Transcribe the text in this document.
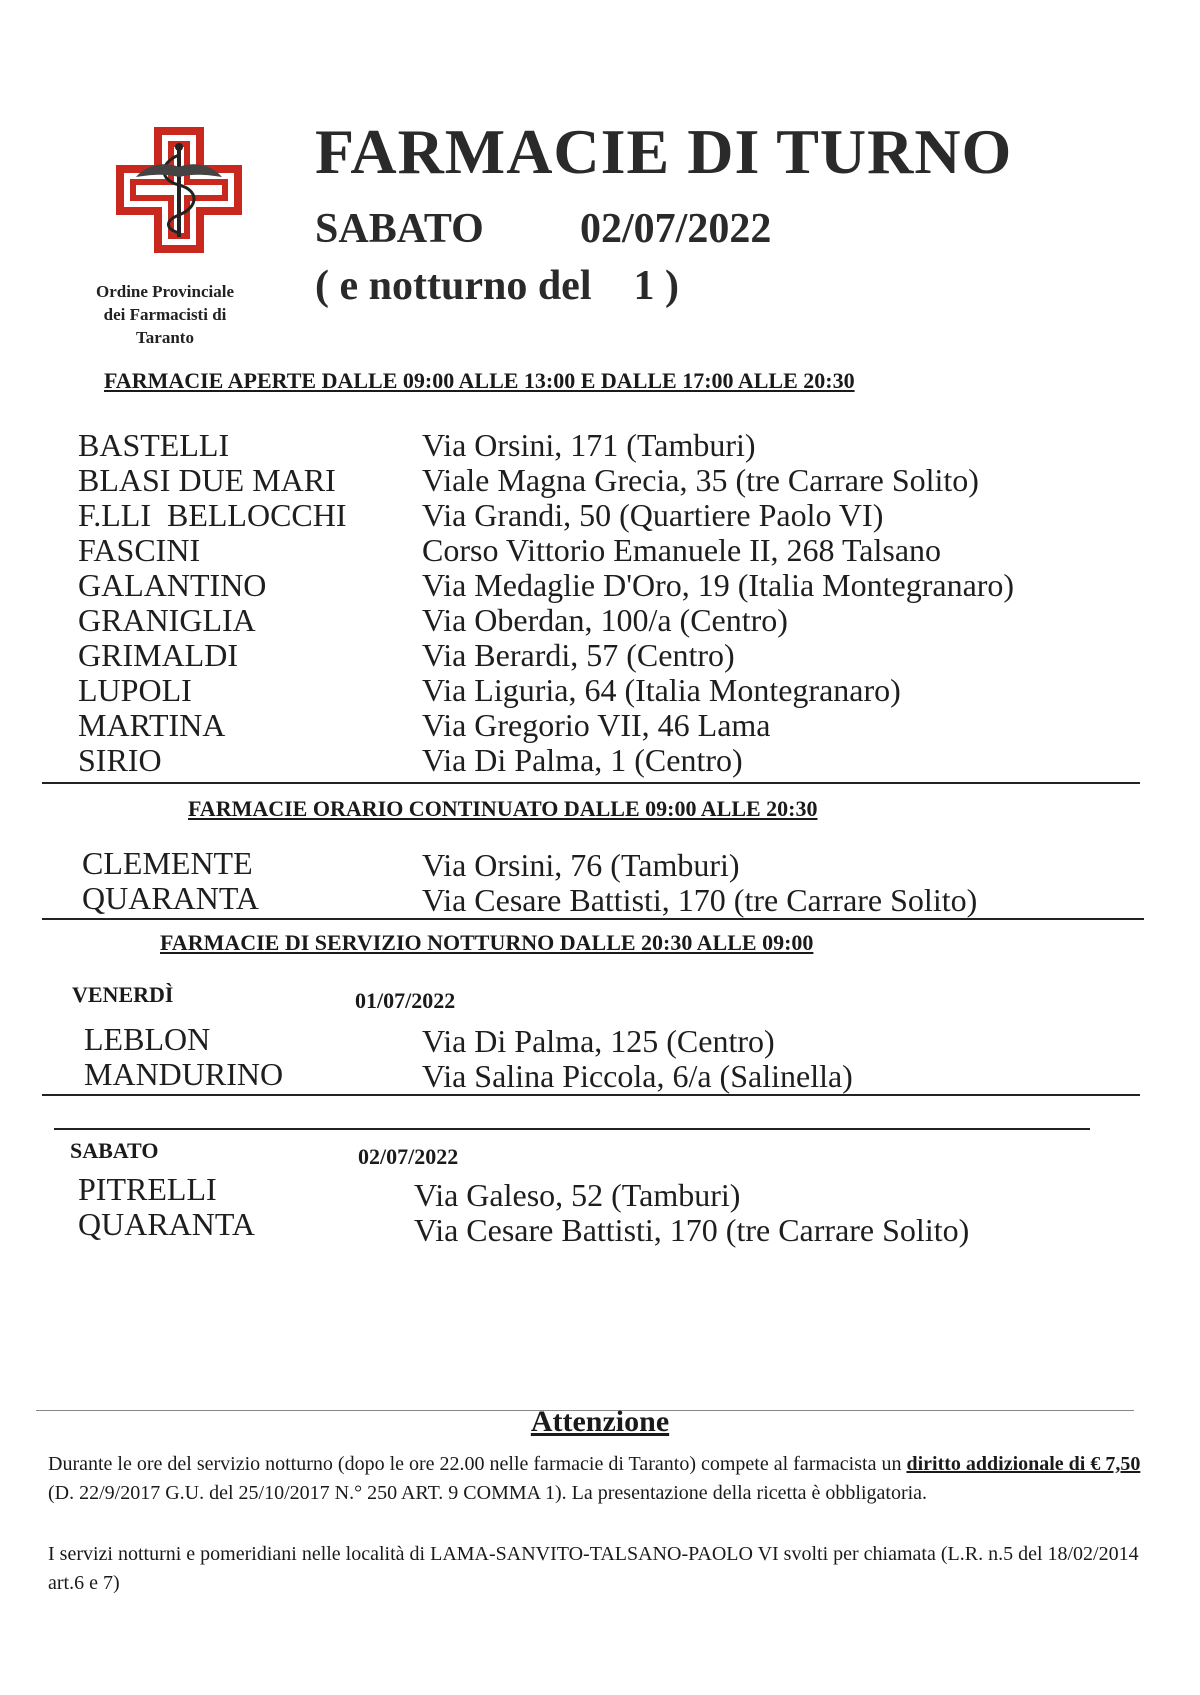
Ordine Provinciale
dei Farmacisti di
Taranto
FARMACIE DI TURNO
SABATO 02/07/2022
( e notturno del    1 )
FARMACIE APERTE DALLE 09:00 ALLE 13:00 E DALLE 17:00 ALLE 20:30
BASTELLI
BLASI DUE MARI
F.LLI  BELLOCCHI
FASCINI
GALANTINO
GRANIGLIA
GRIMALDI
LUPOLI
MARTINA
SIRIO
Via Orsini, 171 (Tamburi)
Viale Magna Grecia, 35 (tre Carrare Solito)
Via Grandi, 50 (Quartiere Paolo VI)
Corso Vittorio Emanuele II, 268 Talsano
Via Medaglie D'Oro, 19 (Italia Montegranaro)
Via Oberdan, 100/a (Centro)
Via Berardi, 57 (Centro)
Via Liguria, 64 (Italia Montegranaro)
Via Gregorio VII, 46 Lama
Via Di Palma, 1 (Centro)
FARMACIE ORARIO CONTINUATO DALLE 09:00 ALLE 20:30
CLEMENTE
QUARANTA
Via Orsini, 76 (Tamburi)
Via Cesare Battisti, 170 (tre Carrare Solito)
FARMACIE DI SERVIZIO NOTTURNO DALLE 20:30 ALLE 09:00
VENERDÌ	01/07/2022
LEBLON
MANDURINO
Via Di Palma, 125 (Centro)
Via Salina Piccola, 6/a (Salinella)
SABATO	02/07/2022
PITRELLI
QUARANTA
Via Galeso, 52 (Tamburi)
Via Cesare Battisti, 170 (tre Carrare Solito)
Attenzione
Durante le ore del servizio notturno (dopo le ore 22.00 nelle farmacie di Taranto) compete al farmacista un diritto addizionale di € 7,50 (D. 22/9/2017 G.U. del 25/10/2017 N.° 250 ART. 9 COMMA 1). La presentazione della ricetta è obbligatoria.
I servizi notturni e pomeridiani nelle località di LAMA-SANVITO-TALSANO-PAOLO VI svolti per chiamata (L.R. n.5 del 18/02/2014 art.6 e 7)
